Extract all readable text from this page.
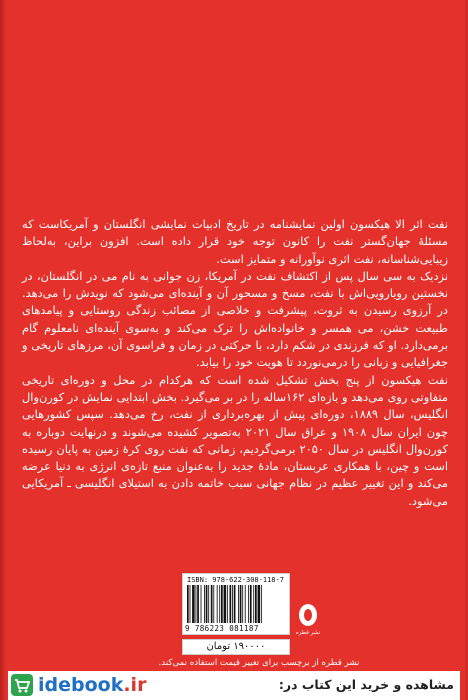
نفت اثر الا هیکسون اولین نمایشنامه در تاریخ ادبیات نمایشی انگلستان و آمریکاست که مسئلهٔ جهان‌گستر نفت را کانون توجه خود قرار داده است. افزون براین، به‌لحاظ زیبایی‌شناسانه، نفت اثری نوآورانه و متمایز است.

نزدیک به سی سال پس از اکتشاف نفت در آمریکا، زن جوانی به نام می در انگلستان، در نخستین رویارویی‌اش با نفت، مسخ و مسحور آن و آینده‌ای می‌شود که نویدش را می‌دهد. در آرزوی رسیدن به ثروت، پیشرفت و خلاصی از مصائب زندگی روستایی و پیامدهای طبیعت خشن، می همسر و خانواده‌اش را ترک می‌کند و به‌سوی آینده‌ای نامعلوم گام برمی‌دارد. او که فرزندی در شکم دارد، با حرکتی در زمان و فراسوی آن، مرزهای تاریخی و جغرافیایی و زبانی را درمی‌نوردد تا هویت خود را بیابد.

نفت هیکسون از پنج بخش تشکیل شده است که هرکدام در محل و دوره‌ای تاریخی متفاوتی روی می‌دهد و بازه‌ای ۱۶۲ساله را در بر می‌گیرد. بخش ابتدایی نمایش در کورن‌وال انگلیس، سال ۱۸۸۹، دوره‌ای پیش از بهره‌برداری از نفت، رخ می‌دهد. سپس کشورهایی چون ایران سال ۱۹۰۸ و عراق سال ۲۰۲۱ به‌تصویر کشیده می‌شوند و درنهایت دوباره به کورن‌وال انگلیس در سال ۲۰۵۰ برمی‌گردیم، زمانی که نفت روی کرهٔ زمین به پایان رسیده است و چین، با همکاری عربستان، مادهٔ جدید را به‌عنوان منبع تازه‌ی انرژی به دنیا عرضه می‌کند و این تغییر عظیم در نظام جهانی سبب خاتمه دادن به استیلای انگلیسی ـ آمریکایی می‌شود.

ISBN: 978-622-308-118-7
9 786223 081187	نشر قطره
۱۹۰۰۰۰ تومان
نشر قطره از برچسب برای تغییر قیمت استفاده نمی‌کند.
idebook.ir	مشاهده و خرید این کتاب در:
